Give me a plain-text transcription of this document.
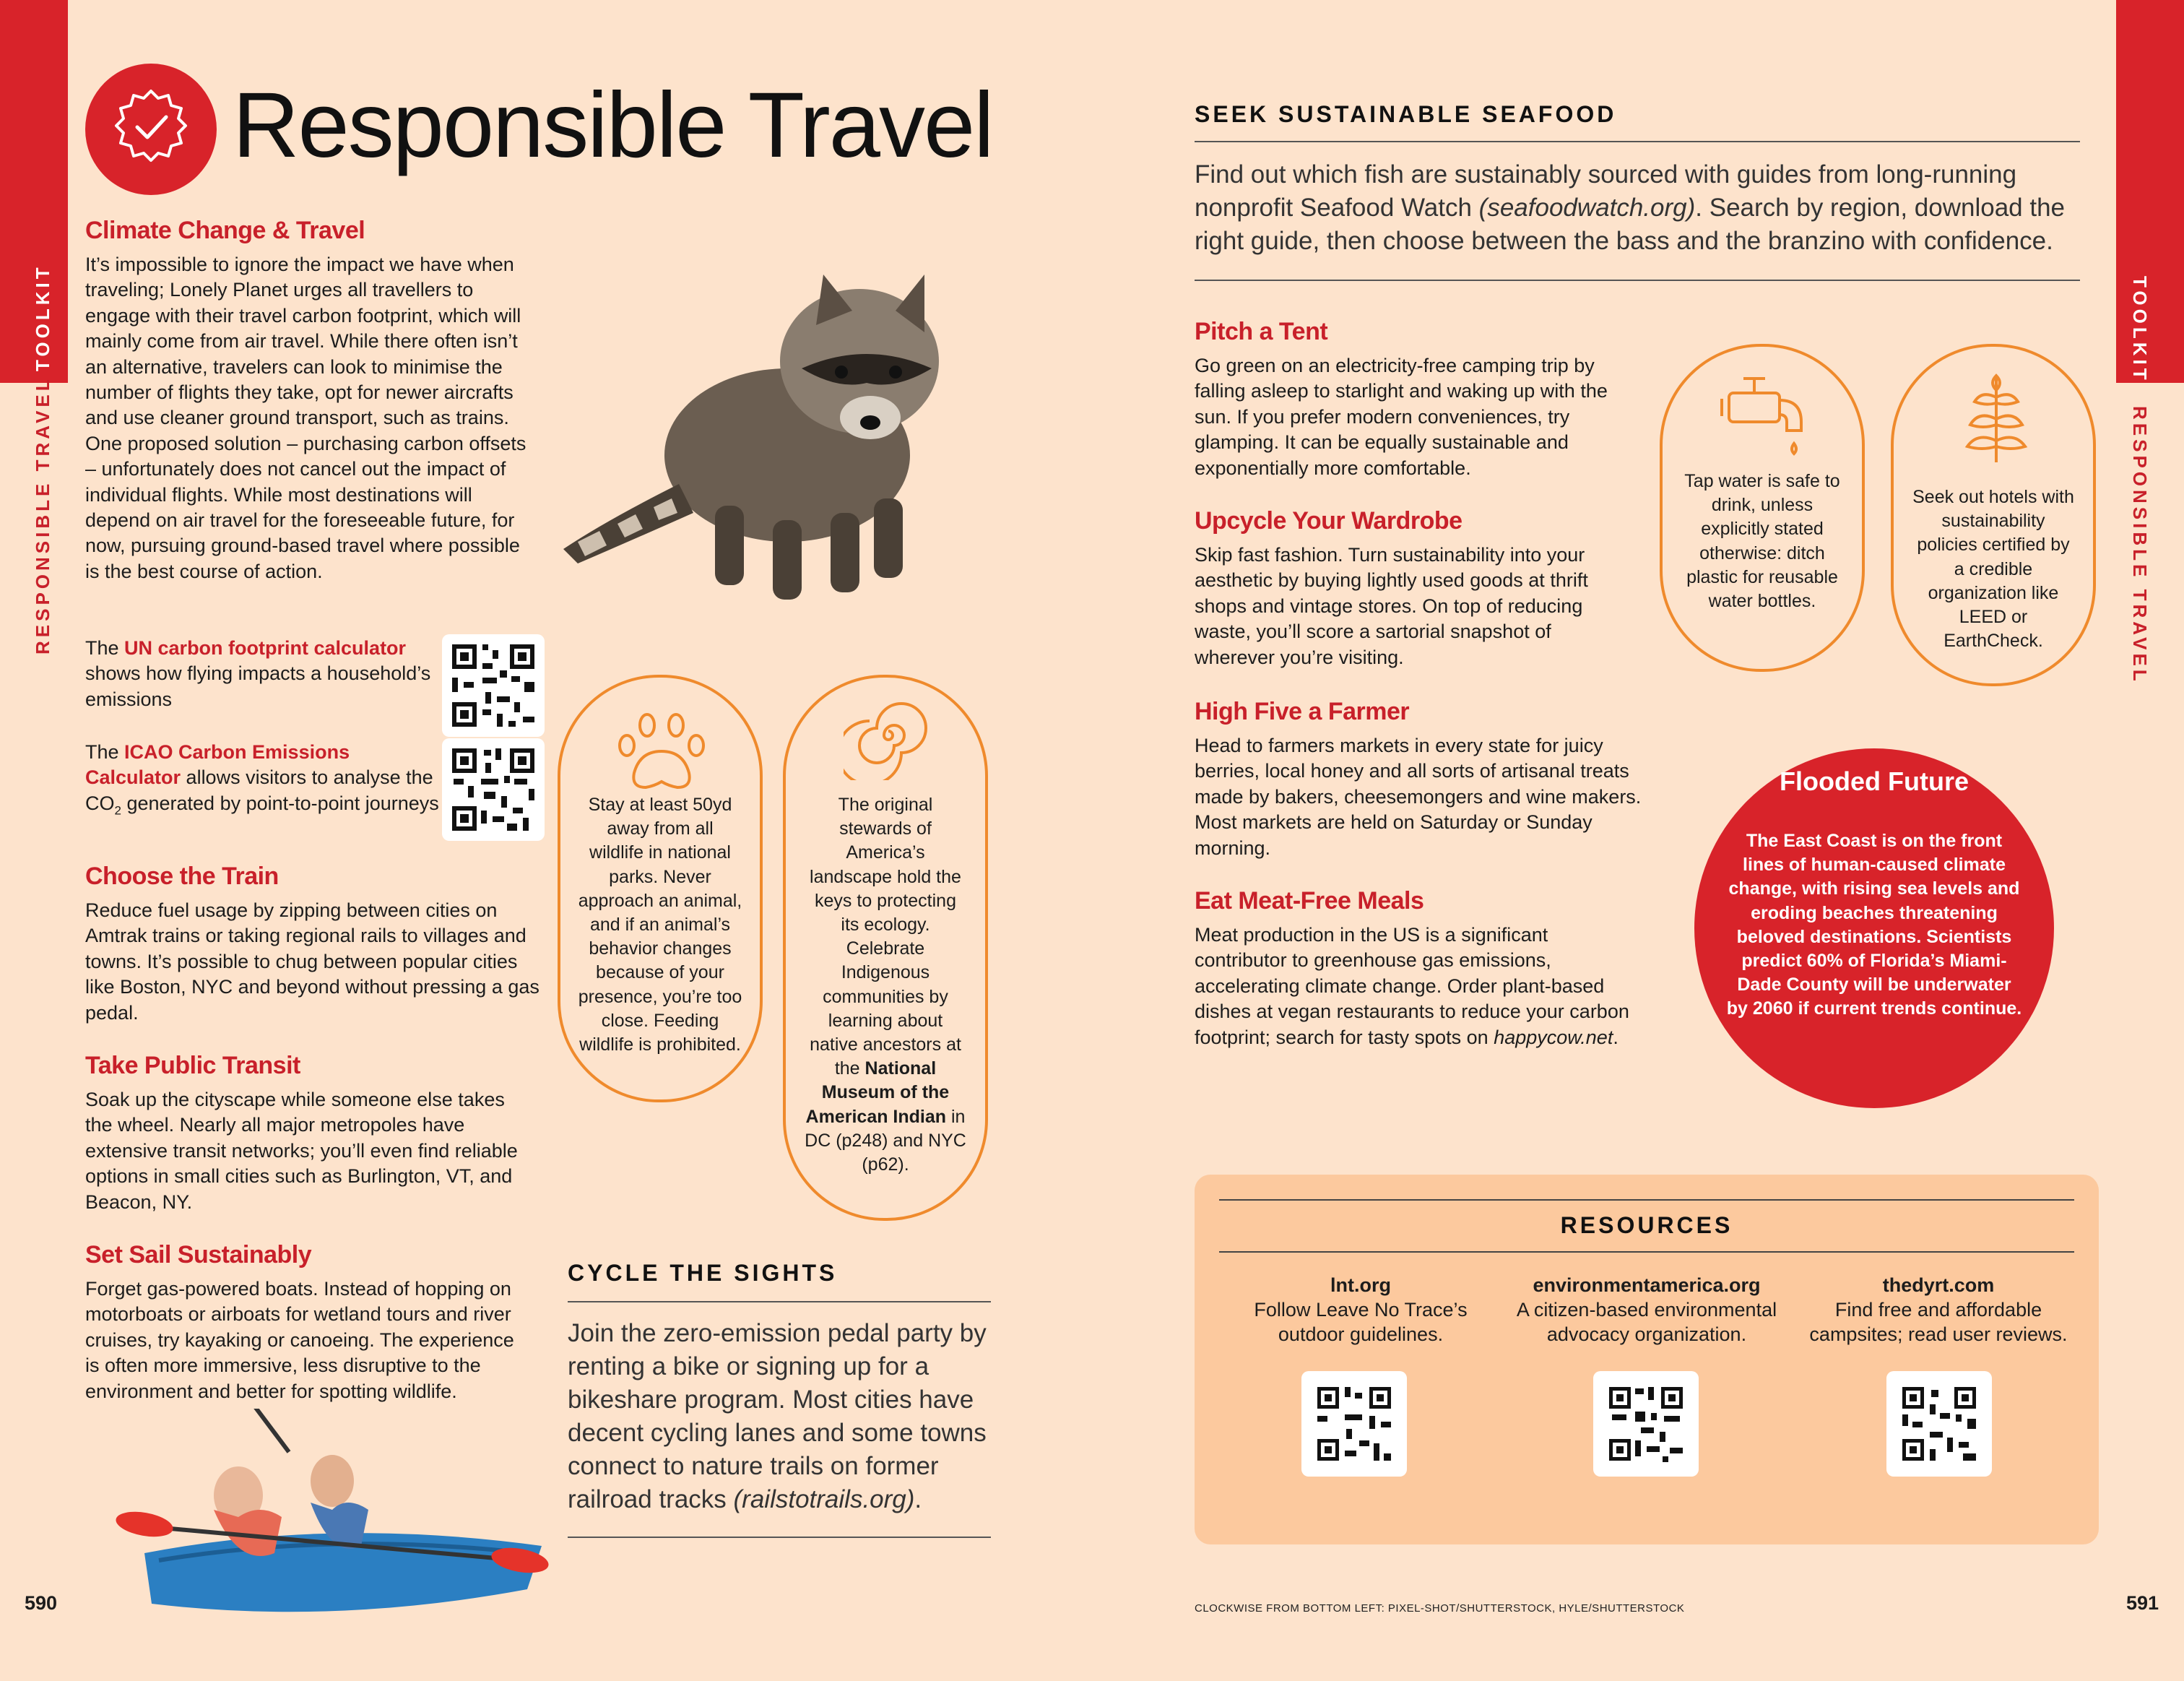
TOOLKIT
RESPONSIBLE TRAVEL
TOOLKIT
RESPONSIBLE TRAVEL
Responsible Travel
Climate Change & Travel
It’s impossible to ignore the impact we have when traveling; Lonely Planet urges all travellers to engage with their travel carbon footprint, which will mainly come from air travel. While there often isn’t an alternative, travelers can look to minimise the number of flights they take, opt for newer aircrafts and use cleaner ground transport, such as trains. One proposed solution – purchasing carbon offsets – unfortunately does not cancel out the impact of individual flights. While most destinations will depend on air travel for the foreseeable future, for now, pursuing ground-based travel where possible is the best course of action.
The UN carbon footprint calculator shows how flying impacts a household’s emissions
The ICAO Carbon Emissions Calculator allows visitors to analyse the $CO_2$ generated by point-to-point journeys
Choose the Train
Reduce fuel usage by zipping between cities on Amtrak trains or taking regional rails to villages and towns. It’s possible to chug between popular cities like Boston, NYC and beyond without pressing a gas pedal.
Take Public Transit
Soak up the cityscape while someone else takes the wheel. Nearly all major metropoles have extensive transit networks; you’ll even find reliable options in small cities such as Burlington, VT, and Beacon, NY.
Set Sail Sustainably
Forget gas-powered boats. Instead of hopping on motorboats or airboats for wetland tours and river cruises, try kayaking or canoeing. The experience is often more immersive, less disruptive to the environment and better for spotting wildlife.
Stay at least 50yd away from all wildlife in national parks. Never approach an animal, and if an animal’s behavior changes because of your presence, you’re too close. Feeding wildlife is prohibited.
The original stewards of America’s landscape hold the keys to protecting its ecology. Celebrate Indigenous communities by learning about native ancestors at the National Museum of the American Indian in DC (p248) and NYC (p62).
Tap water is safe to drink, unless explicitly stated otherwise: ditch plastic for reusable water bottles.
Seek out hotels with sustainability policies certified by a credible organization like LEED or EarthCheck.
CYCLE THE SIGHTS
Join the zero-emission pedal party by renting a bike or signing up for a bikeshare program. Most cities have decent cycling lanes and some towns connect to nature trails on former railroad tracks (railstotrails.org).
SEEK SUSTAINABLE SEAFOOD
Find out which fish are sustainably sourced with guides from long-running nonprofit Seafood Watch (seafoodwatch.org). Search by region, download the right guide, then choose between the bass and the branzino with confidence.
Pitch a Tent
Go green on an electricity-free camping trip by falling asleep to starlight and waking up with the sun. If you prefer modern conveniences, try glamping. It can be equally sustainable and exponentially more comfortable.
Upcycle Your Wardrobe
Skip fast fashion. Turn sustainability into your aesthetic by buying lightly used goods at thrift shops and vintage stores. On top of reducing waste, you’ll score a sartorial snapshot of wherever you’re visiting.
High Five a Farmer
Head to farmers markets in every state for juicy berries, local honey and all sorts of artisanal treats made by bakers, cheesemongers and wine makers. Most markets are held on Saturday or Sunday morning.
Eat Meat-Free Meals
Meat production in the US is a significant contributor to greenhouse gas emissions, accelerating climate change. Order plant-based dishes at vegan restaurants to reduce your carbon footprint; search for tasty spots on happycow.net.
Flooded Future
The East Coast is on the front lines of human-caused climate change, with rising sea levels and eroding beaches threatening beloved destinations. Scientists predict 60% of Florida’s Miami-Dade County will be underwater by 2060 if current trends continue.
RESOURCES
lnt.org
Follow Leave No Trace’s outdoor guidelines.
environmentamerica.org
A citizen-based environmental advocacy organization.
thedyrt.com
Find free and affordable campsites; read user reviews.
590	591
CLOCKWISE FROM BOTTOM LEFT: PIXEL-SHOT/SHUTTERSTOCK, HYLE/SHUTTERSTOCK
